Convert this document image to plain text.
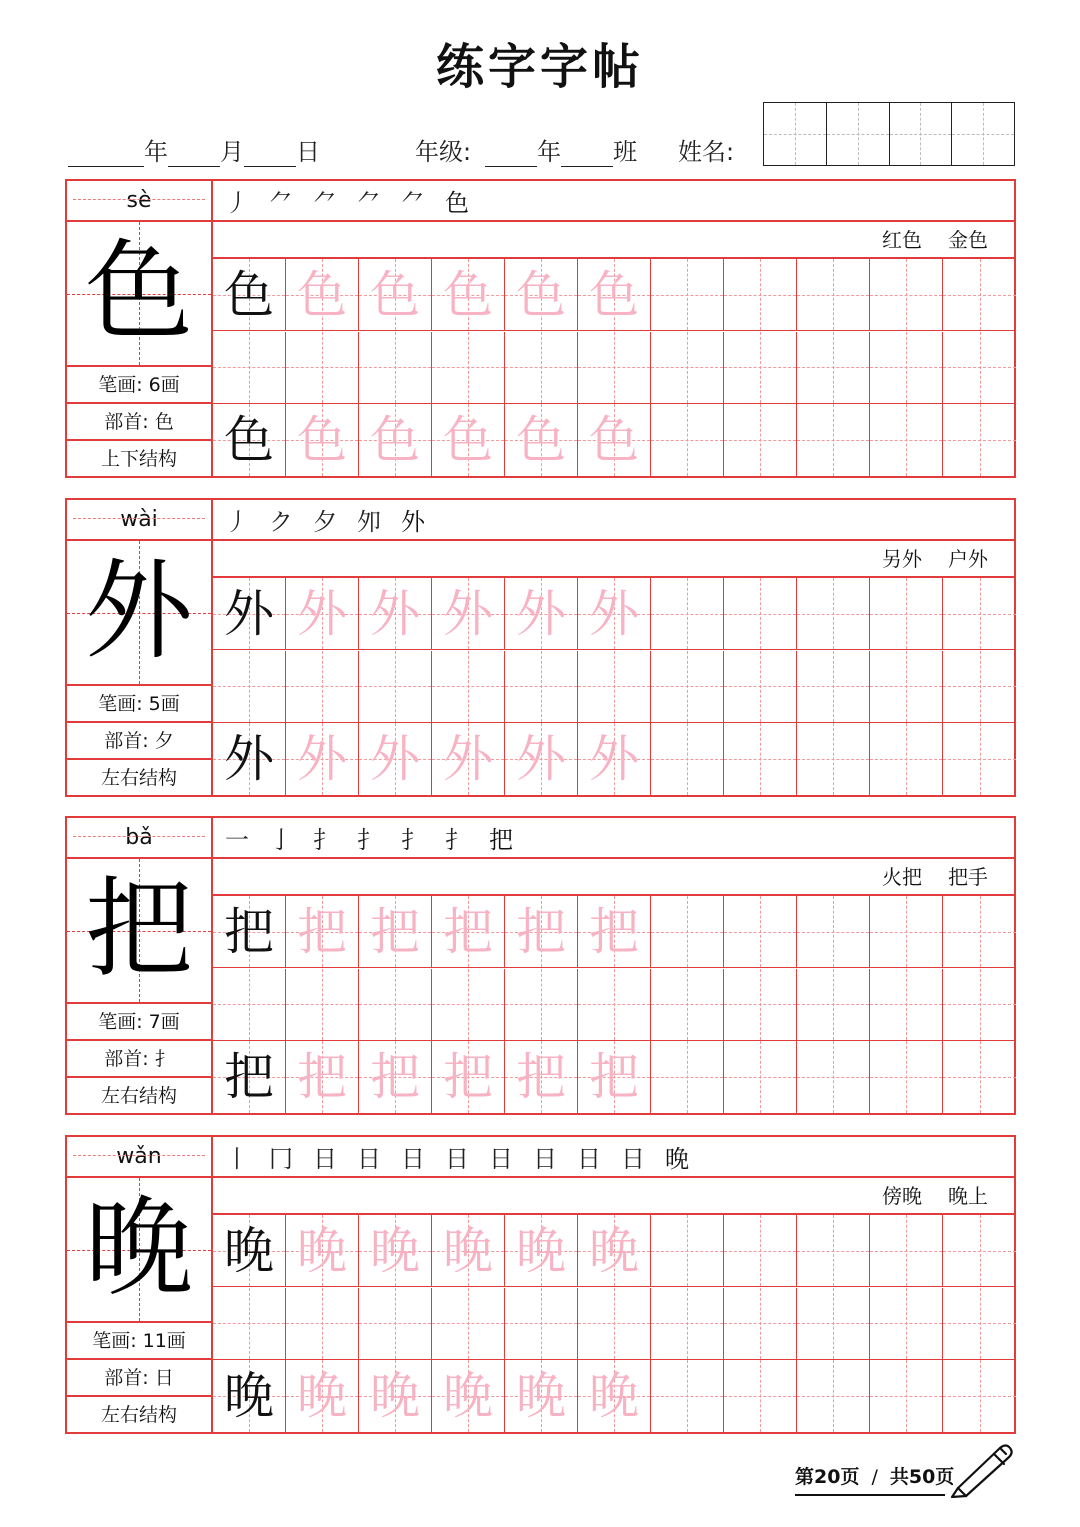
练字字帖
年 月 日	年级:	年 班 姓名:
sè
色
笔画: 6画
部首: 色
上下结构
丿 ⺈ ⺈ ⺈ ⺈ 色
红色 金色
色 色 色 色 色 色
色 色 色 色 色 色
wài
外
笔画: 5画
部首: 夕
左右结构
丿 ク 夕 夘 外
另外 户外
外 外 外 外 外 外
外 外 外 外 外 外
bǎ
把
笔画: 7画
部首: 扌
左右结构
一 亅 扌 扌 扌 扌 把
火把 把手
把 把 把 把 把 把
把 把 把 把 把 把
wǎn
晚
笔画: 11画
部首: 日
左右结构
丨 冂 日 日 日 日 日 日 日 日 晚
傍晚 晚上
晚 晚 晚 晚 晚 晚
晚 晚 晚 晚 晚 晚
第20页 / 共50页
